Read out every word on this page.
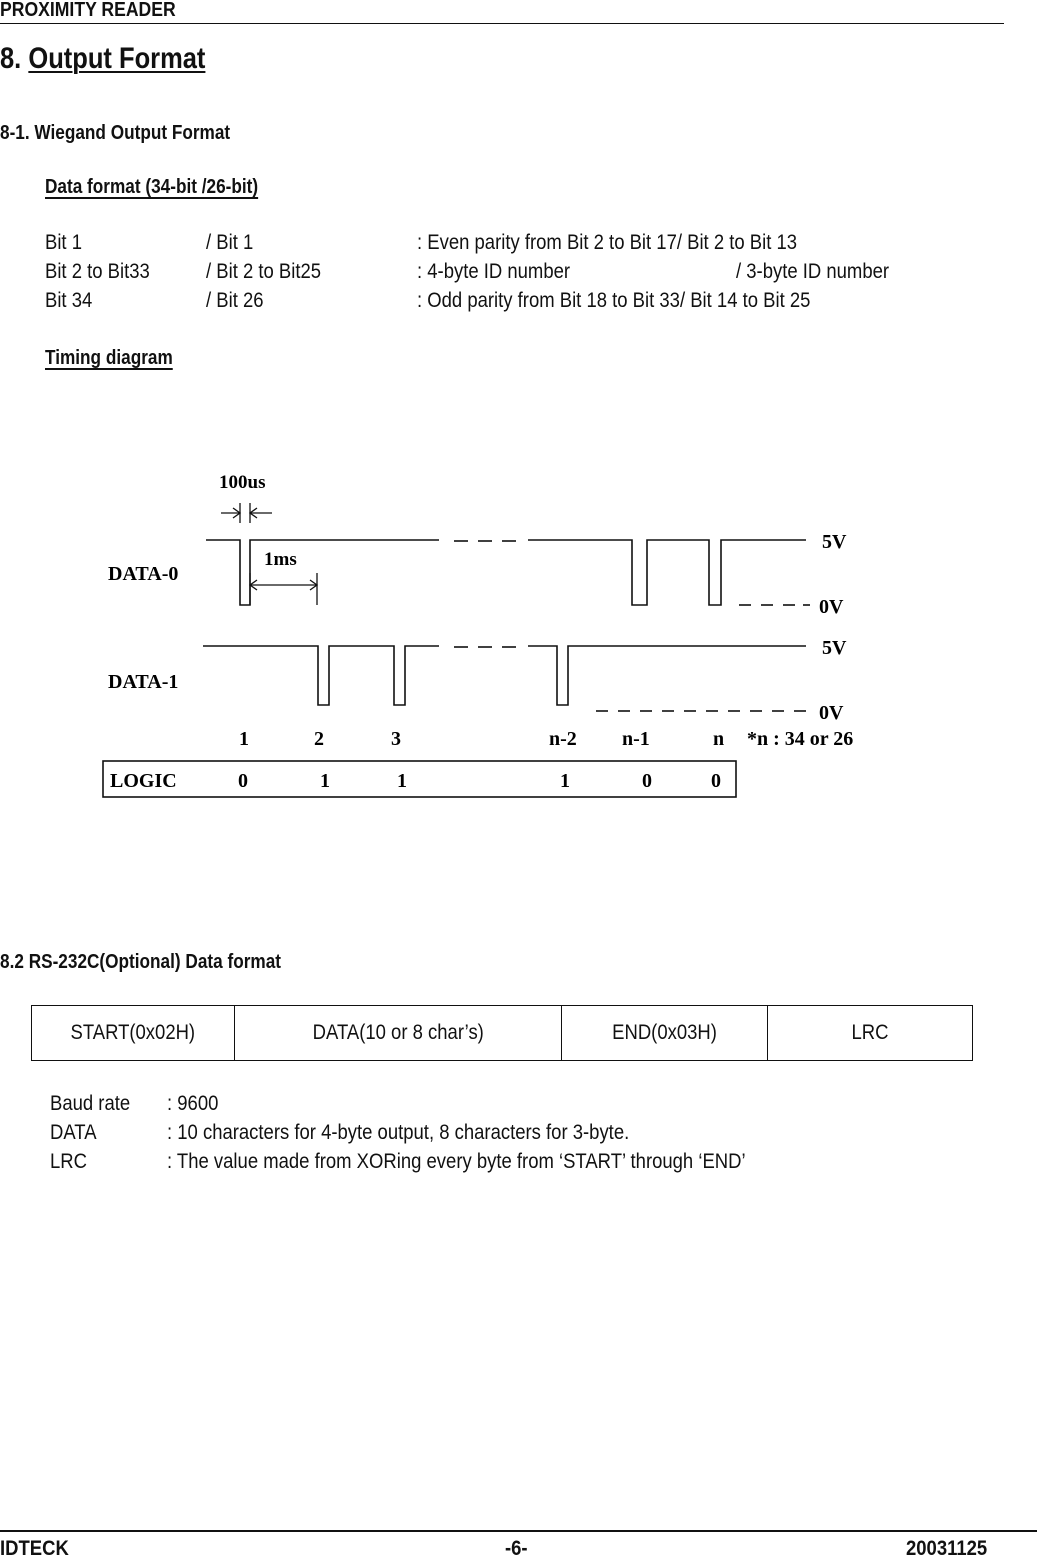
PROXIMITY READER
8. Output Format
8-1. Wiegand Output Format
Data format (34-bit /26-bit)
Bit 1	/ Bit 1	: Even parity from Bit 2 to Bit 17/ Bit 2 to Bit 13
Bit 2 to Bit33	/ Bit 2 to Bit25	: 4-byte ID number	/ 3-byte ID number
Bit 34	/ Bit 26	: Odd parity from Bit 18 to Bit 33/ Bit 14 to Bit 25
Timing diagram
100us
DATA-0
1ms
5V
0V
DATA-1
5V
0V
1	2	3	n-2 n-1	n *n : 34 or 26
LOGIC	0	1	1	1	0	0
8.2 RS-232C(Optional) Data format
START(0x02H)	DATA(10 or 8 char’s)	END(0x03H)	LRC
Baud rate : 9600
DATA	: 10 characters for 4-byte output, 8 characters for 3-byte.
LRC	: The value made from XORing every byte from ‘START’ through ‘END’
IDTECK	-6-	20031125
